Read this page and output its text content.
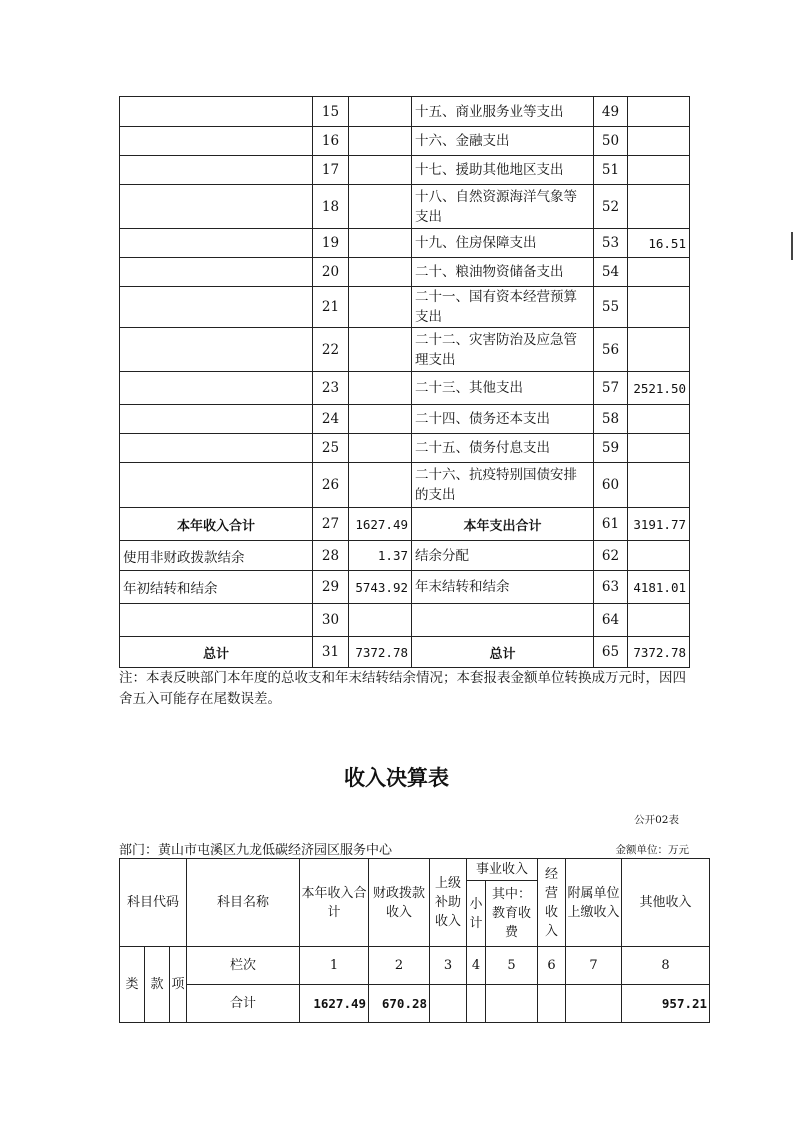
	15		十五、商业服务业等支出	49	
	16		十六、金融支出	50	
	17		十七、援助其他地区支出	51	
	18		十八、自然资源海洋气象等支出	52	
	19		十九、住房保障支出	53	16.51
	20		二十、粮油物资储备支出	54	
	21		二十一、国有资本经营预算支出	55	
	22		二十二、灾害防治及应急管理支出	56	
	23		二十三、其他支出	57	2521.50
	24		二十四、债务还本支出	58	
	25		二十五、债务付息支出	59	
	26		二十六、抗疫特别国债安排的支出	60	
本年收入合计	27	1627.49	本年支出合计	61	3191.77
使用非财政拨款结余	28	1.37	结余分配	62	
年初结转和结余	29	5743.92	年末结转和结余	63	4181.01
	30			64	
总计	31	7372.78	总计	65	7372.78
注：本表反映部门本年度的总收支和年末结转结余情况；本套报表金额单位转换成万元时，因四舍五入可能存在尾数误差。
收入决算表
公开02表
部门：黄山市屯溪区九龙低碳经济园区服务中心	金额单位：万元
科目代码			科目名称	本年收入合计	财政拨款收入	上级补助收入	事业收入		经营收入	附属单位上缴收入	其他收入
							小计	其中：教育收费			

类	款	项	栏次	1	2	3	4	5	6	7	8
			合计	1627.49	670.28						957.21
